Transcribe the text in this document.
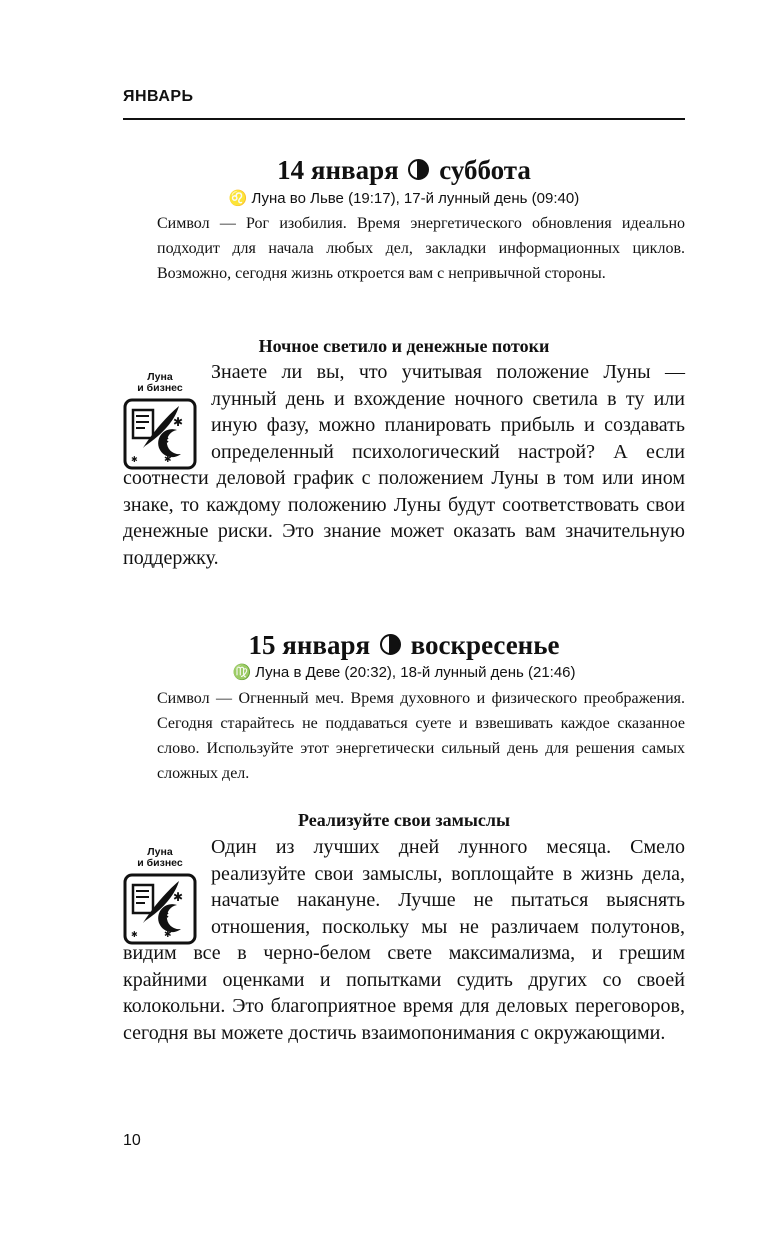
ЯНВАРЬ
14 января суббота
♌ Луна во Льве (19:17), 17-й лунный день (09:40)
Символ — Рог изобилия. Время энергетического обновления идеально подходит для начала любых дел, закладки информационных циклов. Возможно, сегодня жизнь откроется вам с непривычной стороны.
Ночное светило и денежные потоки
Луна
и бизнес
✱
✱
✱
✱
Знаете ли вы, что учитывая положение Луны — лунный день и вхождение ночного светила в ту или иную фазу, можно планировать прибыль и создавать определенный психологический настрой? А если соотнести деловой график с положением Луны в том или ином знаке, то каждому положению Луны будут соответствовать свои денежные риски. Это знание может оказать вам значительную поддержку.
15 января воскресенье
♍ Луна в Деве (20:32), 18-й лунный день (21:46)
Символ — Огненный меч. Время духовного и физического преображения. Сегодня старайтесь не поддаваться суете и взвешивать каждое сказанное слово. Используйте этот энергетически сильный день для решения самых сложных дел.
Реализуйте свои замыслы
Луна
и бизнес
✱
✱
✱
✱
Один из лучших дней лунного месяца. Смело реализуйте свои замыслы, воплощайте в жизнь дела, начатые накануне. Лучше не пытаться выяснять отношения, поскольку мы не различаем полутонов, видим все в черно-белом свете максимализма, и грешим крайними оценками и попытками судить других со своей колокольни. Это благоприятное время для деловых переговоров, сегодня вы можете достичь взаимопонимания с окружающими.
10
